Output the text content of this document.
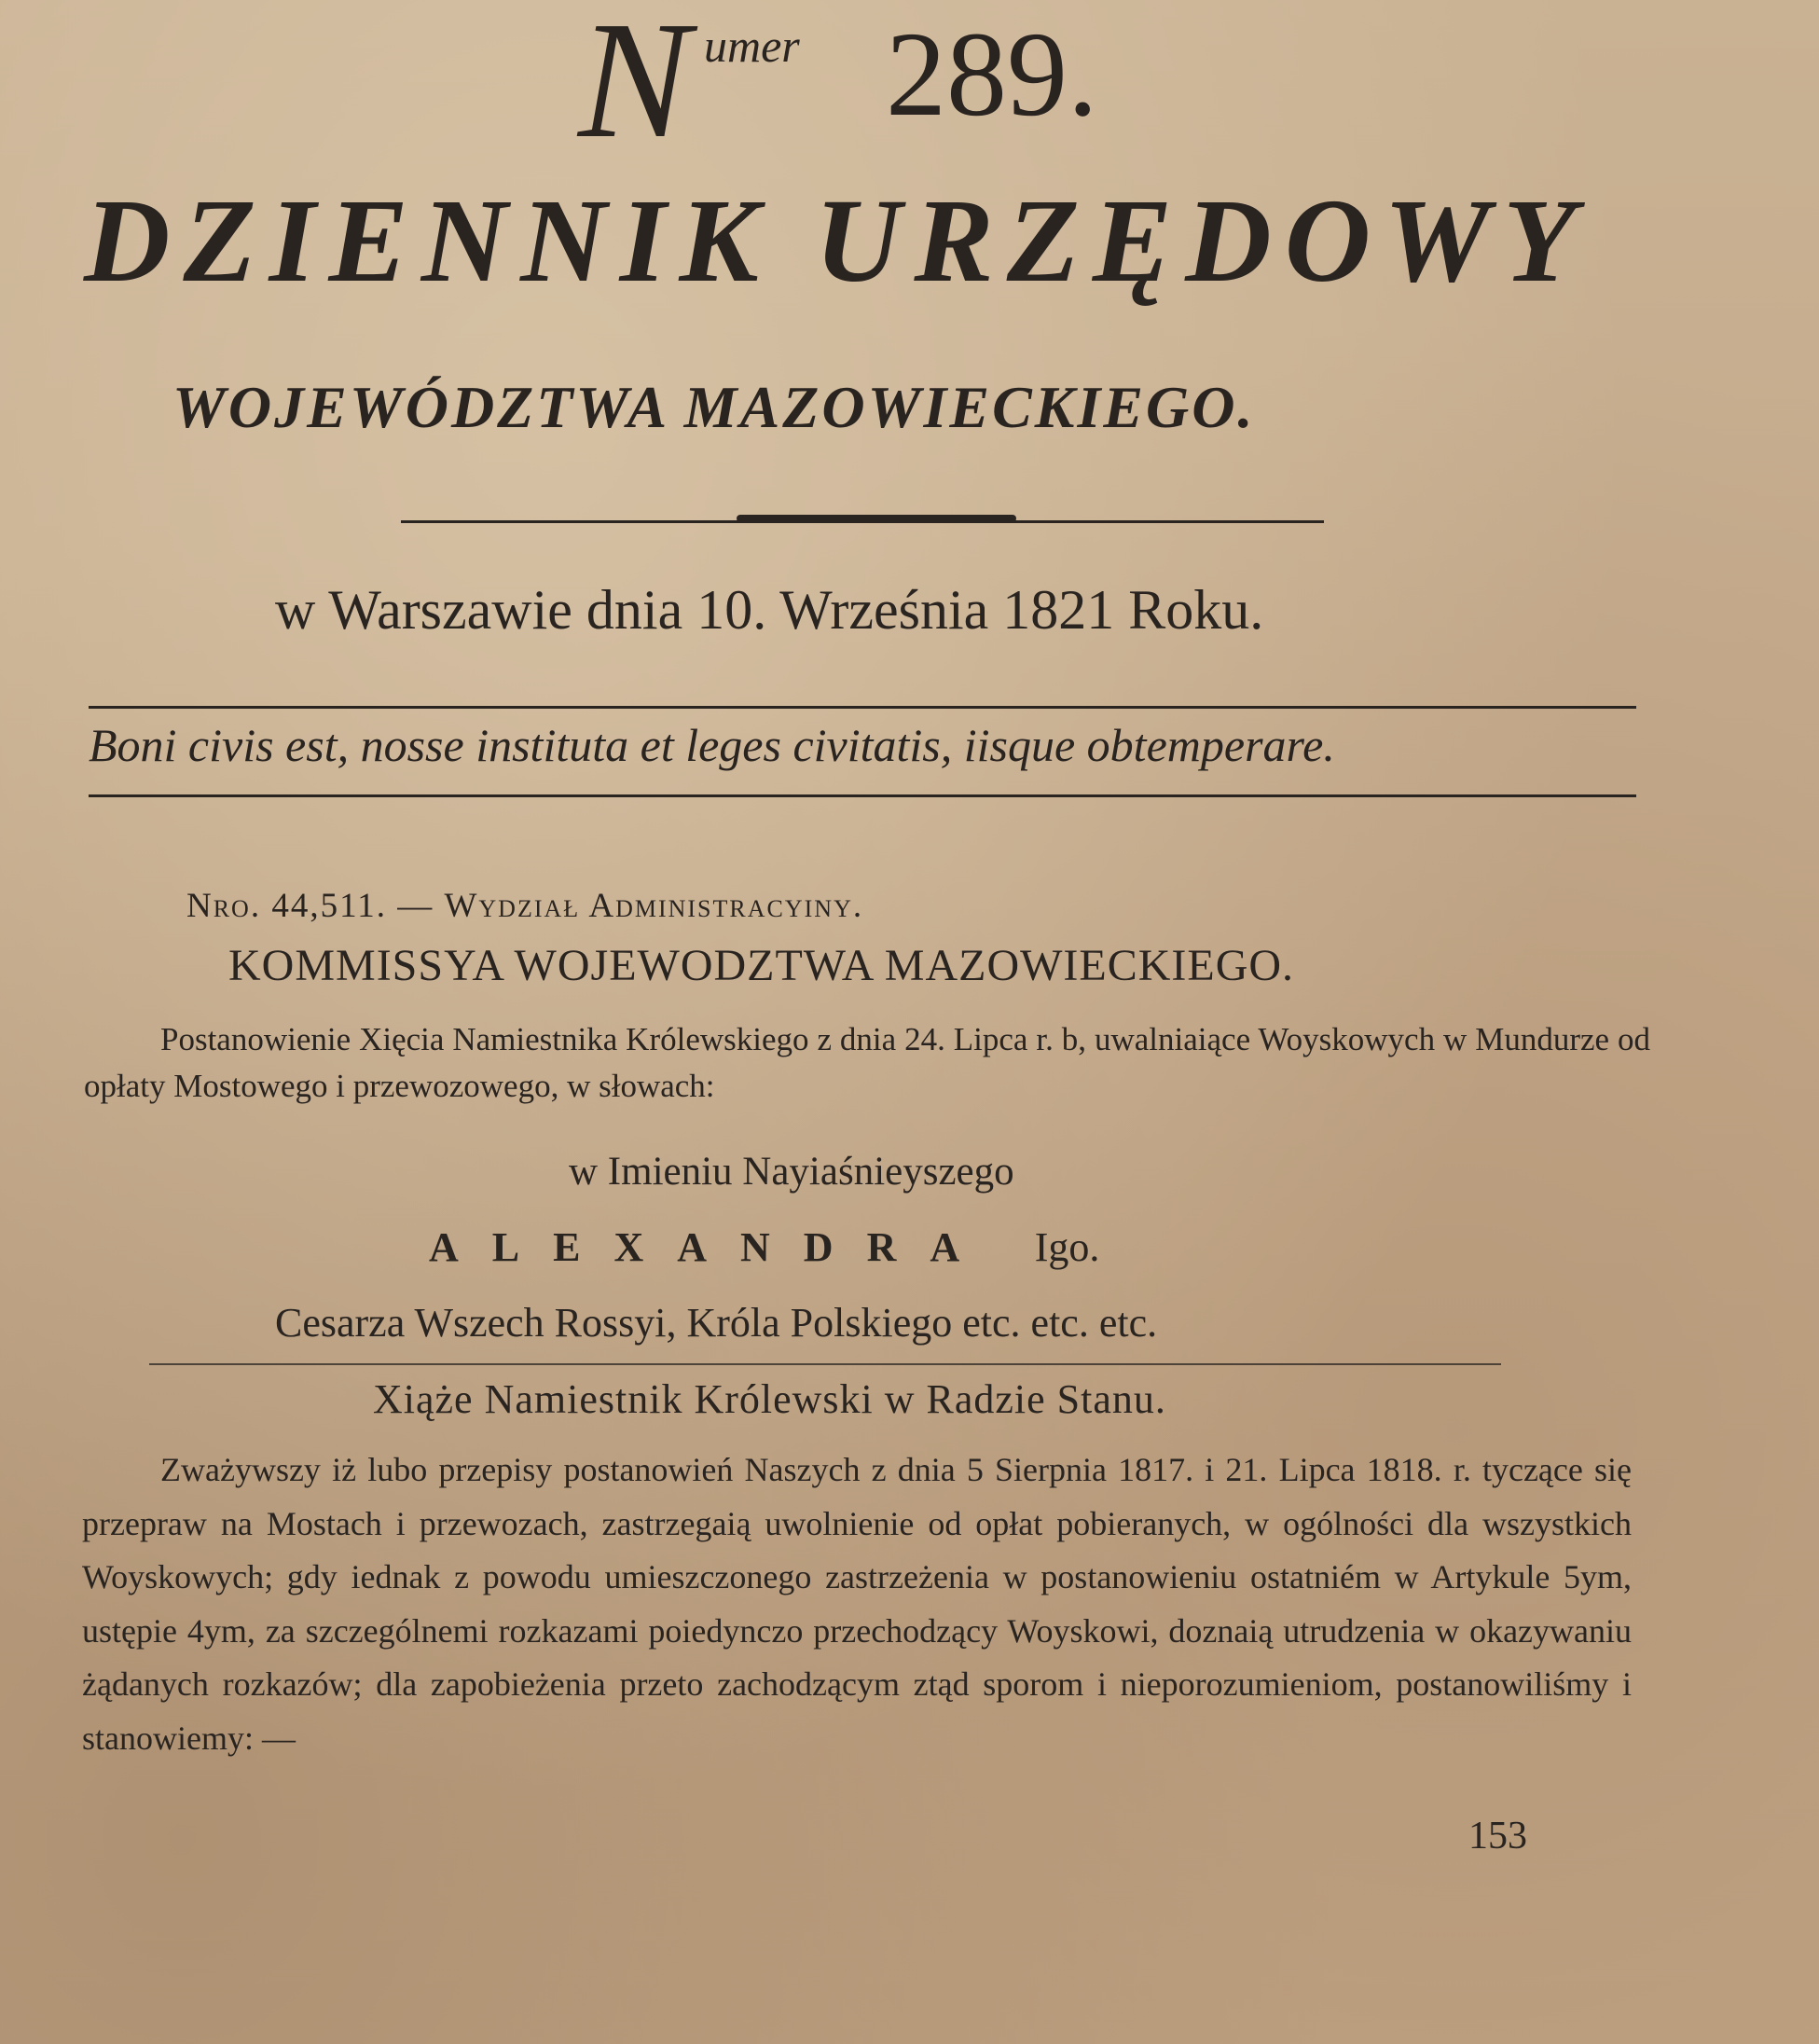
N umer 289.
DZIENNIK URZĘDOWY
WOJEWÓDZTWA MAZOWIECKIEGO.
w Warszawie dnia 10. Września 1821 Roku.
Boni civis est, nosse instituta et leges civitatis, iisque obtemperare.
Nro. 44,511. — Wydział Administracyiny.
KOMMISSYA WOJEWODZTWA MAZOWIECKIEGO.
Postanowienie Xięcia Namiestnika Królewskiego z dnia 24. Lipca r. b, uwalniaiące Woyskowych w Mundurze od opłaty Mostowego i przewozowego, w słowach:
w Imieniu Nayiaśnieyszego
ALEXANDRA Igo.
Cesarza Wszech Rossyi, Króla Polskiego etc. etc. etc.
Xiąże Namiestnik Królewski w Radzie Stanu.
Zważywszy iż lubo przepisy postanowień Naszych z dnia 5 Sierpnia 1817. i 21. Lipca 1818. r. tyczące się przepraw na Mostach i przewozach, zastrzegaią uwolnienie od opłat pobieranych, w ogólności dla wszystkich Woyskowych; gdy iednak z powodu umieszczonego zastrzeżenia w postanowieniu ostatniém w Artykule 5ym, ustępie 4ym, za szczególnemi rozkazami poiedynczo przechodzący Woyskowi, doznaią utrudzenia w okazywaniu żądanych rozkazów; dla zapobieżenia przeto zachodzącym ztąd sporom i nieporozumieniom, postanowiliśmy i stanowiemy: —
153
